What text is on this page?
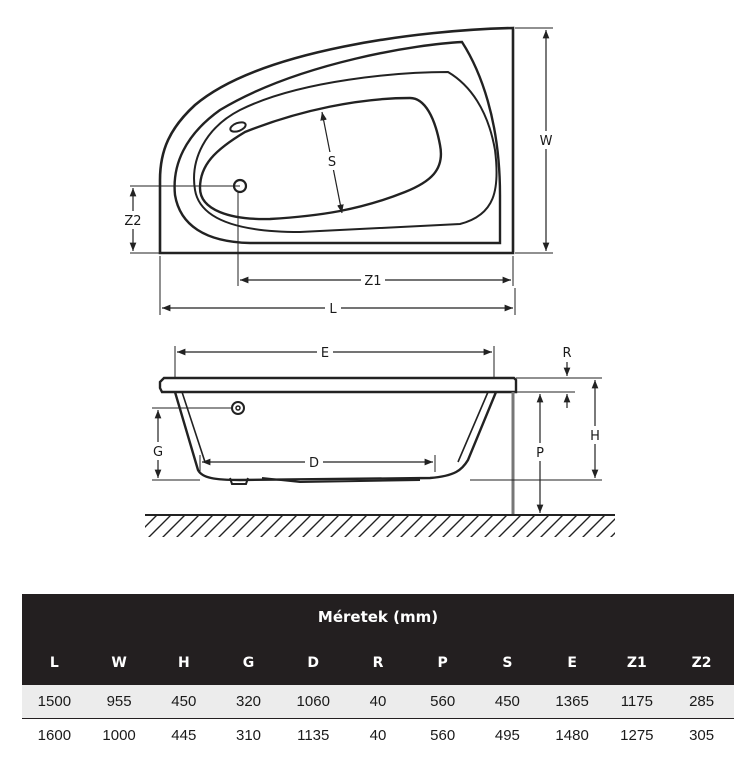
S
W
Z2
Z1
L
E	R
H
G
D
P
Méretek (mm)										
L	W	H	G	D	R	P	S	E	Z1	Z2
1500	955	450	320	1060	40	560	450	1365	1175	285
1600	1000	445	310	1135	40	560	495	1480	1275	305
